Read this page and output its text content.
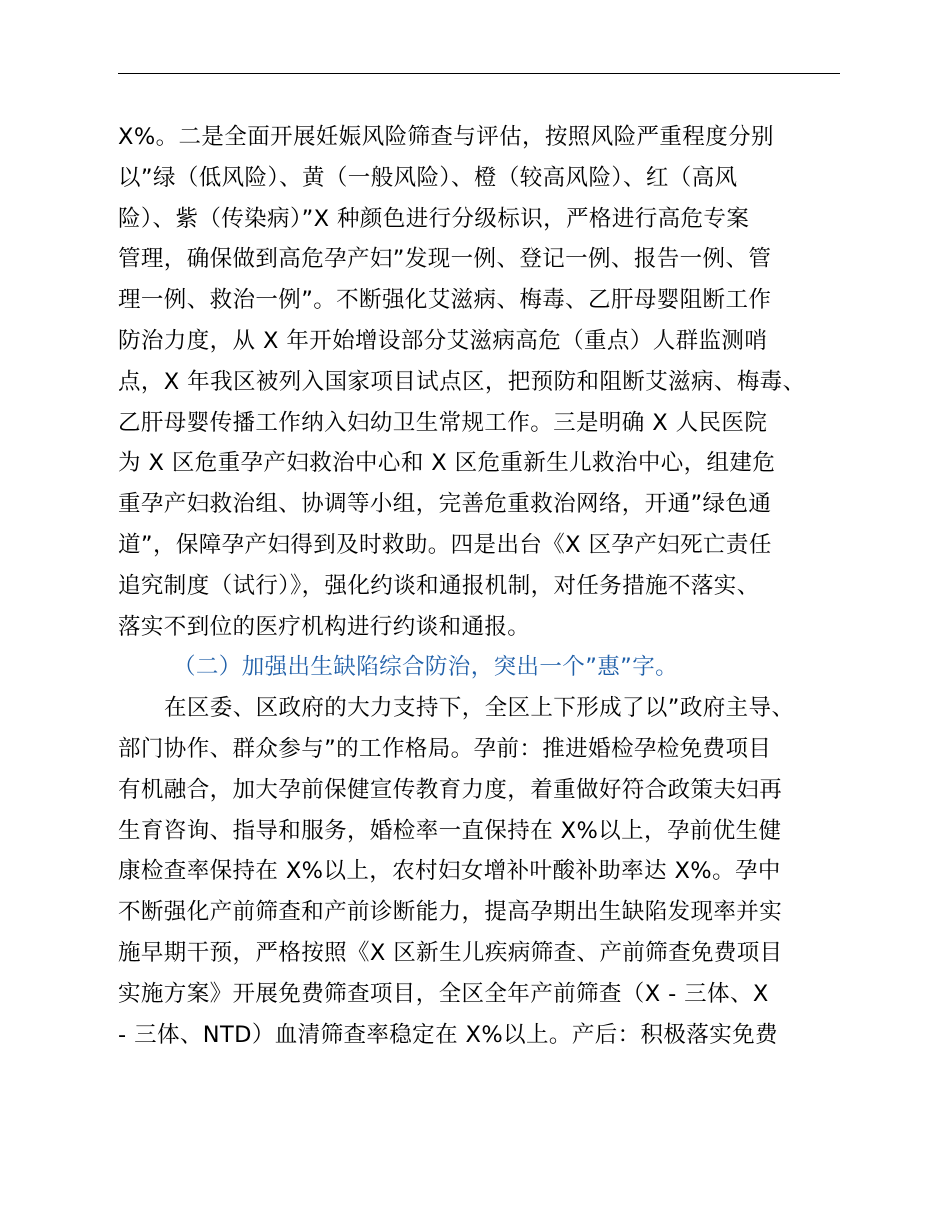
X%。二是全面开展妊娠风险筛查与评估，按照风险严重程度分别
以”绿（低风险）、黄（一般风险）、橙（较高风险）、红（高风
险）、紫（传染病）”X 种颜色进行分级标识，严格进行高危专案
管理，确保做到高危孕产妇”发现一例、登记一例、报告一例、管
理一例、救治一例”。不断强化艾滋病、梅毒、乙肝母婴阻断工作
防治力度，从 X 年开始增设部分艾滋病高危（重点）人群监测哨
点，X 年我区被列入国家项目试点区，把预防和阻断艾滋病、梅毒、
乙肝母婴传播工作纳入妇幼卫生常规工作。三是明确 X 人民医院
为 X 区危重孕产妇救治中心和 X 区危重新生儿救治中心，组建危
重孕产妇救治组、协调等小组，完善危重救治网络，开通”绿色通
道”，保障孕产妇得到及时救助。四是出台《X 区孕产妇死亡责任
追究制度（试行）》，强化约谈和通报机制，对任务措施不落实、
落实不到位的医疗机构进行约谈和通报。
（二）加强出生缺陷综合防治，突出一个”惠”字。
在区委、区政府的大力支持下，全区上下形成了以”政府主导、
部门协作、群众参与”的工作格局。孕前：推进婚检孕检免费项目
有机融合，加大孕前保健宣传教育力度，着重做好符合政策夫妇再
生育咨询、指导和服务，婚检率一直保持在 X%以上，孕前优生健
康检查率保持在 X%以上，农村妇女增补叶酸补助率达 X%。孕中
不断强化产前筛查和产前诊断能力，提高孕期出生缺陷发现率并实
施早期干预，严格按照《X 区新生儿疾病筛查、产前筛查免费项目
实施方案》开展免费筛查项目，全区全年产前筛查（X - 三体、X
- 三体、NTD）血清筛查率稳定在 X%以上。产后：积极落实免费
